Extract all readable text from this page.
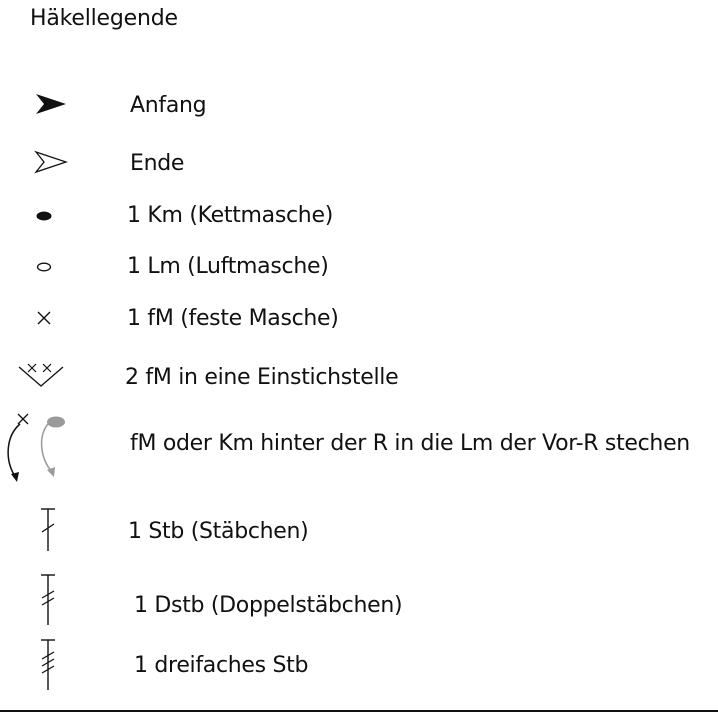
Häkellegende
Anfang
Ende
1 Km (Kettmasche)
1 Lm (Luftmasche)
1 fM (feste Masche)
2 fM in eine Einstichstelle
fM oder Km hinter der R in die Lm der Vor-R stechen
1 Stb (Stäbchen)
1 Dstb (Doppelstäbchen)
1 dreifaches Stb
